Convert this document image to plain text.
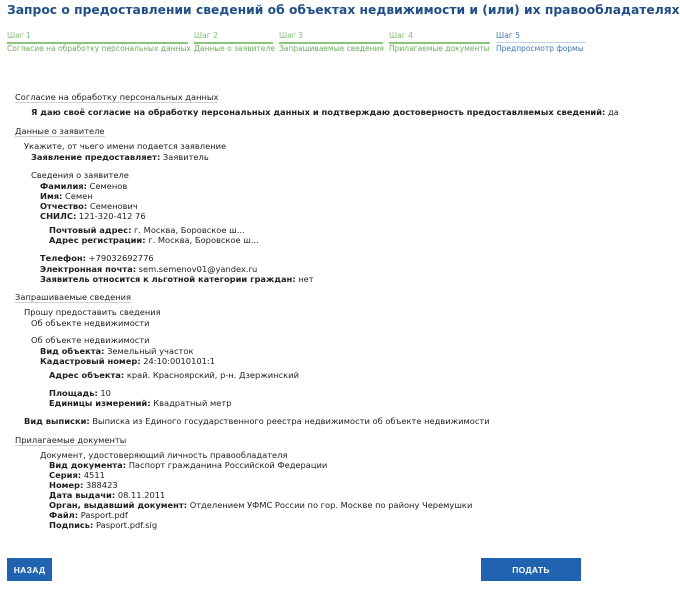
Запрос о предоставлении сведений об объектах недвижимости и (или) их правообладателях
Шаг 1
Согласие на обработку персональных данных
Шаг 2
Данные о заявителе
Шаг 3
Запрашиваемые сведения
Шаг 4
Прилагаемые документы
Шаг 5
Предпросмотр формы
Согласие на обработку персональных данных
Я даю своё согласие на обработку персональных данных и подтверждаю достоверность предоставляемых сведений: да
Данные о заявителе
Укажите, от чьего имени подается заявление
Заявление предоставляет: Заявитель
Сведения о заявителе
Фамилия: Семенов
Имя: Семен
Отчество: Семенович
СНИЛС: 121-320-412 76
Почтовый адрес: г. Москва, Боровское ш...
Адрес регистрации: г. Москва, Боровское ш...
Телефон: +79032692776
Электронная почта: sem.semenov01@yandex.ru
Заявитель относится к льготной категории граждан: нет
Запрашиваемые сведения
Прошу предоставить сведения
Об объекте недвижимости
Об объекте недвижимости
Вид объекта: Земельный участок
Кадастровый номер: 24:10:0010101:1
Адрес объекта: край. Красноярский, р-н. Дзержинский
Площадь: 10
Единицы измерений: Квадратный метр
Вид выписки: Выписка из Единого государственного реестра недвижимости об объекте недвижимости
Прилагаемые документы
Документ, удостоверяющий личность правообладателя
Вид документа: Паспорт гражданина Российской Федерации
Серия: 4511
Номер: 388423
Дата выдачи: 08.11.2011
Орган, выдавший документ: Отделением УФМС России по гор. Москве по району Черемушки
Файл: Pasport.pdf
Подпись: Pasport.pdf.sig
НАЗАД	ПОДАТЬ ЗАЯВЛЕНИЕ
